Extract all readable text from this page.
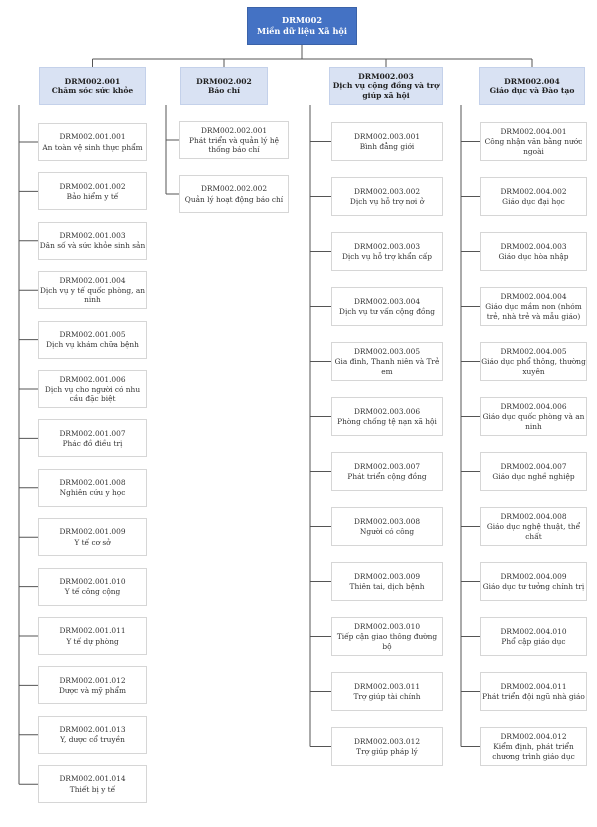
DRM002
Miền dữ liệu Xã hội
DRM002.001
Chăm sóc sức khỏe
DRM002.002
Báo chí
DRM002.003
Dịch vụ cộng đồng và trợ giúp xã hội
DRM002.004
Giáo dục và Đào tạo
DRM002.001.001
An toàn vệ sinh thực phẩm
DRM002.001.002
Bảo hiểm y tế
DRM002.001.003
Dân số và sức khỏe sinh sản
DRM002.001.004
Dịch vụ y tế quốc phòng, an ninh
DRM002.001.005
Dịch vụ khám chữa bệnh
DRM002.001.006
Dịch vụ cho người có nhu cầu đặc biệt
DRM002.001.007
Phác đồ điều trị
DRM002.001.008
Nghiên cứu y học
DRM002.001.009
Y tế cơ sở
DRM002.001.010
Y tế công cộng
DRM002.001.011
Y tế dự phòng
DRM002.001.012
Dược và mỹ phẩm
DRM002.001.013
Y, dược cổ truyền
DRM002.001.014
Thiết bị y tế
DRM002.002.001
Phát triển và quản lý hệ thống báo chí
DRM002.002.002
Quản lý hoạt động báo chí
DRM002.003.001
Bình đẳng giới
DRM002.003.002
Dịch vụ hỗ trợ nơi ở
DRM002.003.003
Dịch vụ hỗ trợ khẩn cấp
DRM002.003.004
Dịch vụ tư vấn cộng đồng
DRM002.003.005
Gia đình, Thanh niên và Trẻ em
DRM002.003.006
Phòng chống tệ nạn xã hội
DRM002.003.007
Phát triển cộng đồng
DRM002.003.008
Người có công
DRM002.003.009
Thiên tai, dịch bệnh
DRM002.003.010
Tiếp cận giao thông đường bộ
DRM002.003.011
Trợ giúp tài chính
DRM002.003.012
Trợ giúp pháp lý
DRM002.004.001
Công nhận văn bằng nước ngoài
DRM002.004.002
Giáo dục đại học
DRM002.004.003
Giáo dục hòa nhập
DRM002.004.004
Giáo dục mầm non (nhóm trẻ, nhà trẻ và mẫu giáo)
DRM002.004.005
Giáo dục phổ thông, thường xuyên
DRM002.004.006
Giáo dục quốc phòng và an ninh
DRM002.004.007
Giáo dục nghề nghiệp
DRM002.004.008
Giáo dục nghệ thuật, thể chất
DRM002.004.009
Giáo dục tư tưởng chính trị
DRM002.004.010
Phổ cập giáo dục
DRM002.004.011
Phát triển đội ngũ nhà giáo
DRM002.004.012
Kiểm định, phát triển chương trình giáo dục
